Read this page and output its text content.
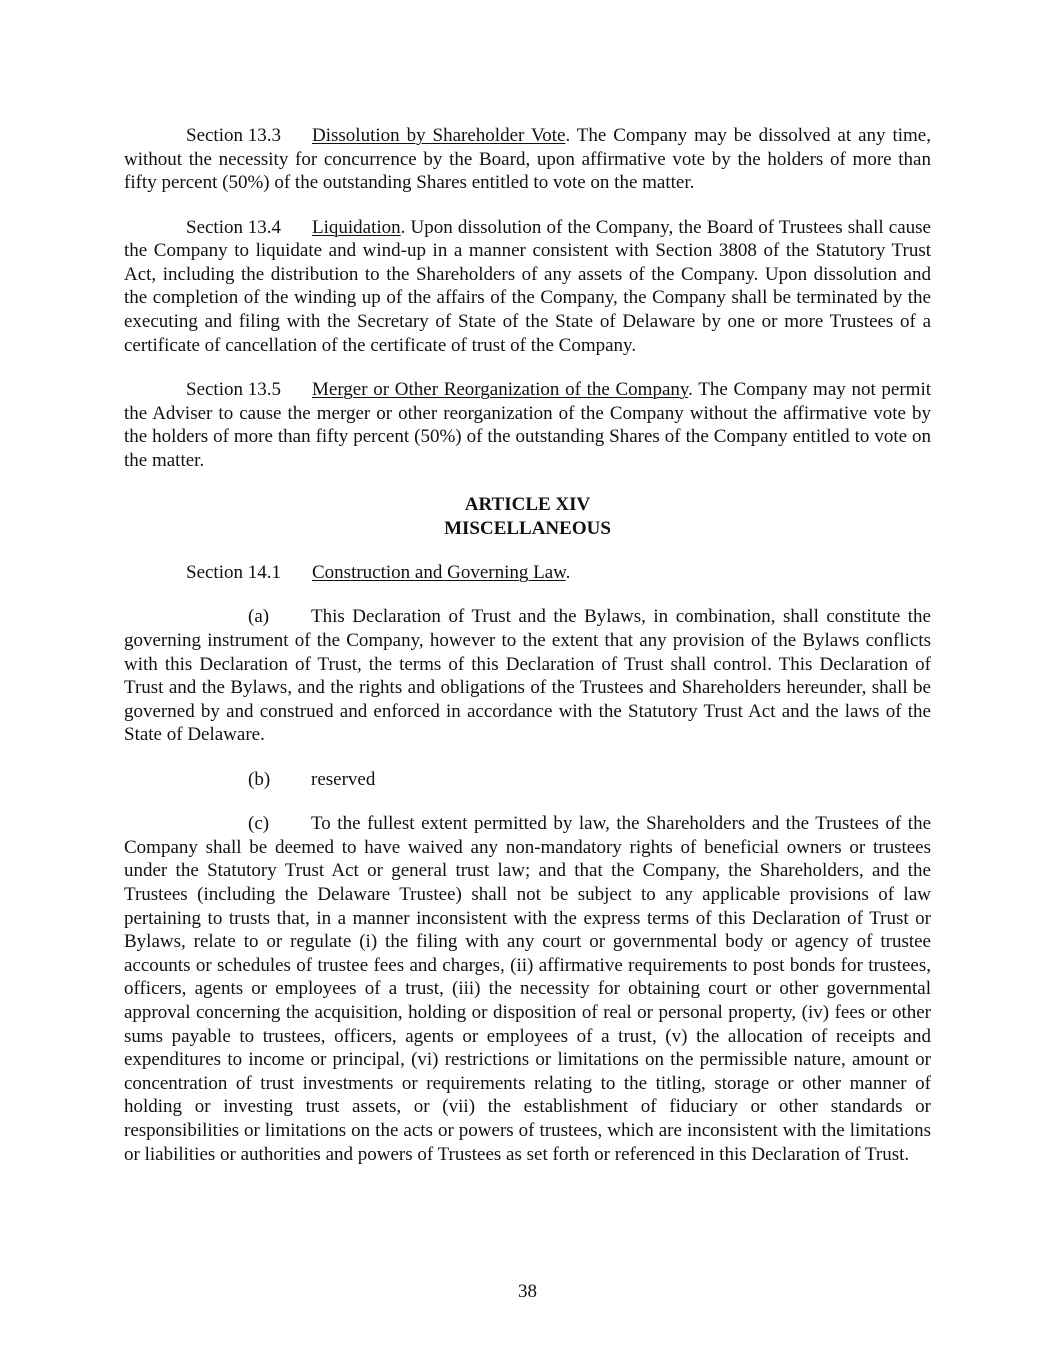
Section 13.3 Dissolution by Shareholder Vote. The Company may be dissolved at any time, without the necessity for concurrence by the Board, upon affirmative vote by the holders of more than fifty percent (50%) of the outstanding Shares entitled to vote on the matter.

Section 13.4 Liquidation. Upon dissolution of the Company, the Board of Trustees shall cause the Company to liquidate and wind-up in a manner consistent with Section 3808 of the Statutory Trust Act, including the distribution to the Shareholders of any assets of the Company. Upon dissolution and the completion of the winding up of the affairs of the Company, the Company shall be terminated by the executing and filing with the Secretary of State of the State of Delaware by one or more Trustees of a certificate of cancellation of the certificate of trust of the Company.

Section 13.5 Merger or Other Reorganization of the Company. The Company may not permit the Adviser to cause the merger or other reorganization of the Company without the affirmative vote by the holders of more than fifty percent (50%) of the outstanding Shares of the Company entitled to vote on the matter.

ARTICLE XIV
MISCELLANEOUS

Section 14.1 Construction and Governing Law.

(a) This Declaration of Trust and the Bylaws, in combination, shall constitute the governing instrument of the Company, however to the extent that any provision of the Bylaws conflicts with this Declaration of Trust, the terms of this Declaration of Trust shall control. This Declaration of Trust and the Bylaws, and the rights and obligations of the Trustees and Shareholders hereunder, shall be governed by and construed and enforced in accordance with the Statutory Trust Act and the laws of the State of Delaware.

(b) reserved

(c) To the fullest extent permitted by law, the Shareholders and the Trustees of the Company shall be deemed to have waived any non-mandatory rights of beneficial owners or trustees under the Statutory Trust Act or general trust law; and that the Company, the Shareholders, and the Trustees (including the Delaware Trustee) shall not be subject to any applicable provisions of law pertaining to trusts that, in a manner inconsistent with the express terms of this Declaration of Trust or Bylaws, relate to or regulate (i) the filing with any court or governmental body or agency of trustee accounts or schedules of trustee fees and charges, (ii) affirmative requirements to post bonds for trustees, officers, agents or employees of a trust, (iii) the necessity for obtaining court or other governmental approval concerning the acquisition, holding or disposition of real or personal property, (iv) fees or other sums payable to trustees, officers, agents or employees of a trust, (v) the allocation of receipts and expenditures to income or principal, (vi) restrictions or limitations on the permissible nature, amount or concentration of trust investments or requirements relating to the titling, storage or other manner of holding or investing trust assets, or (vii) the establishment of fiduciary or other standards or responsibilities or limitations on the acts or powers of trustees, which are inconsistent with the limitations or liabilities or authorities and powers of Trustees as set forth or referenced in this Declaration of Trust.

38
